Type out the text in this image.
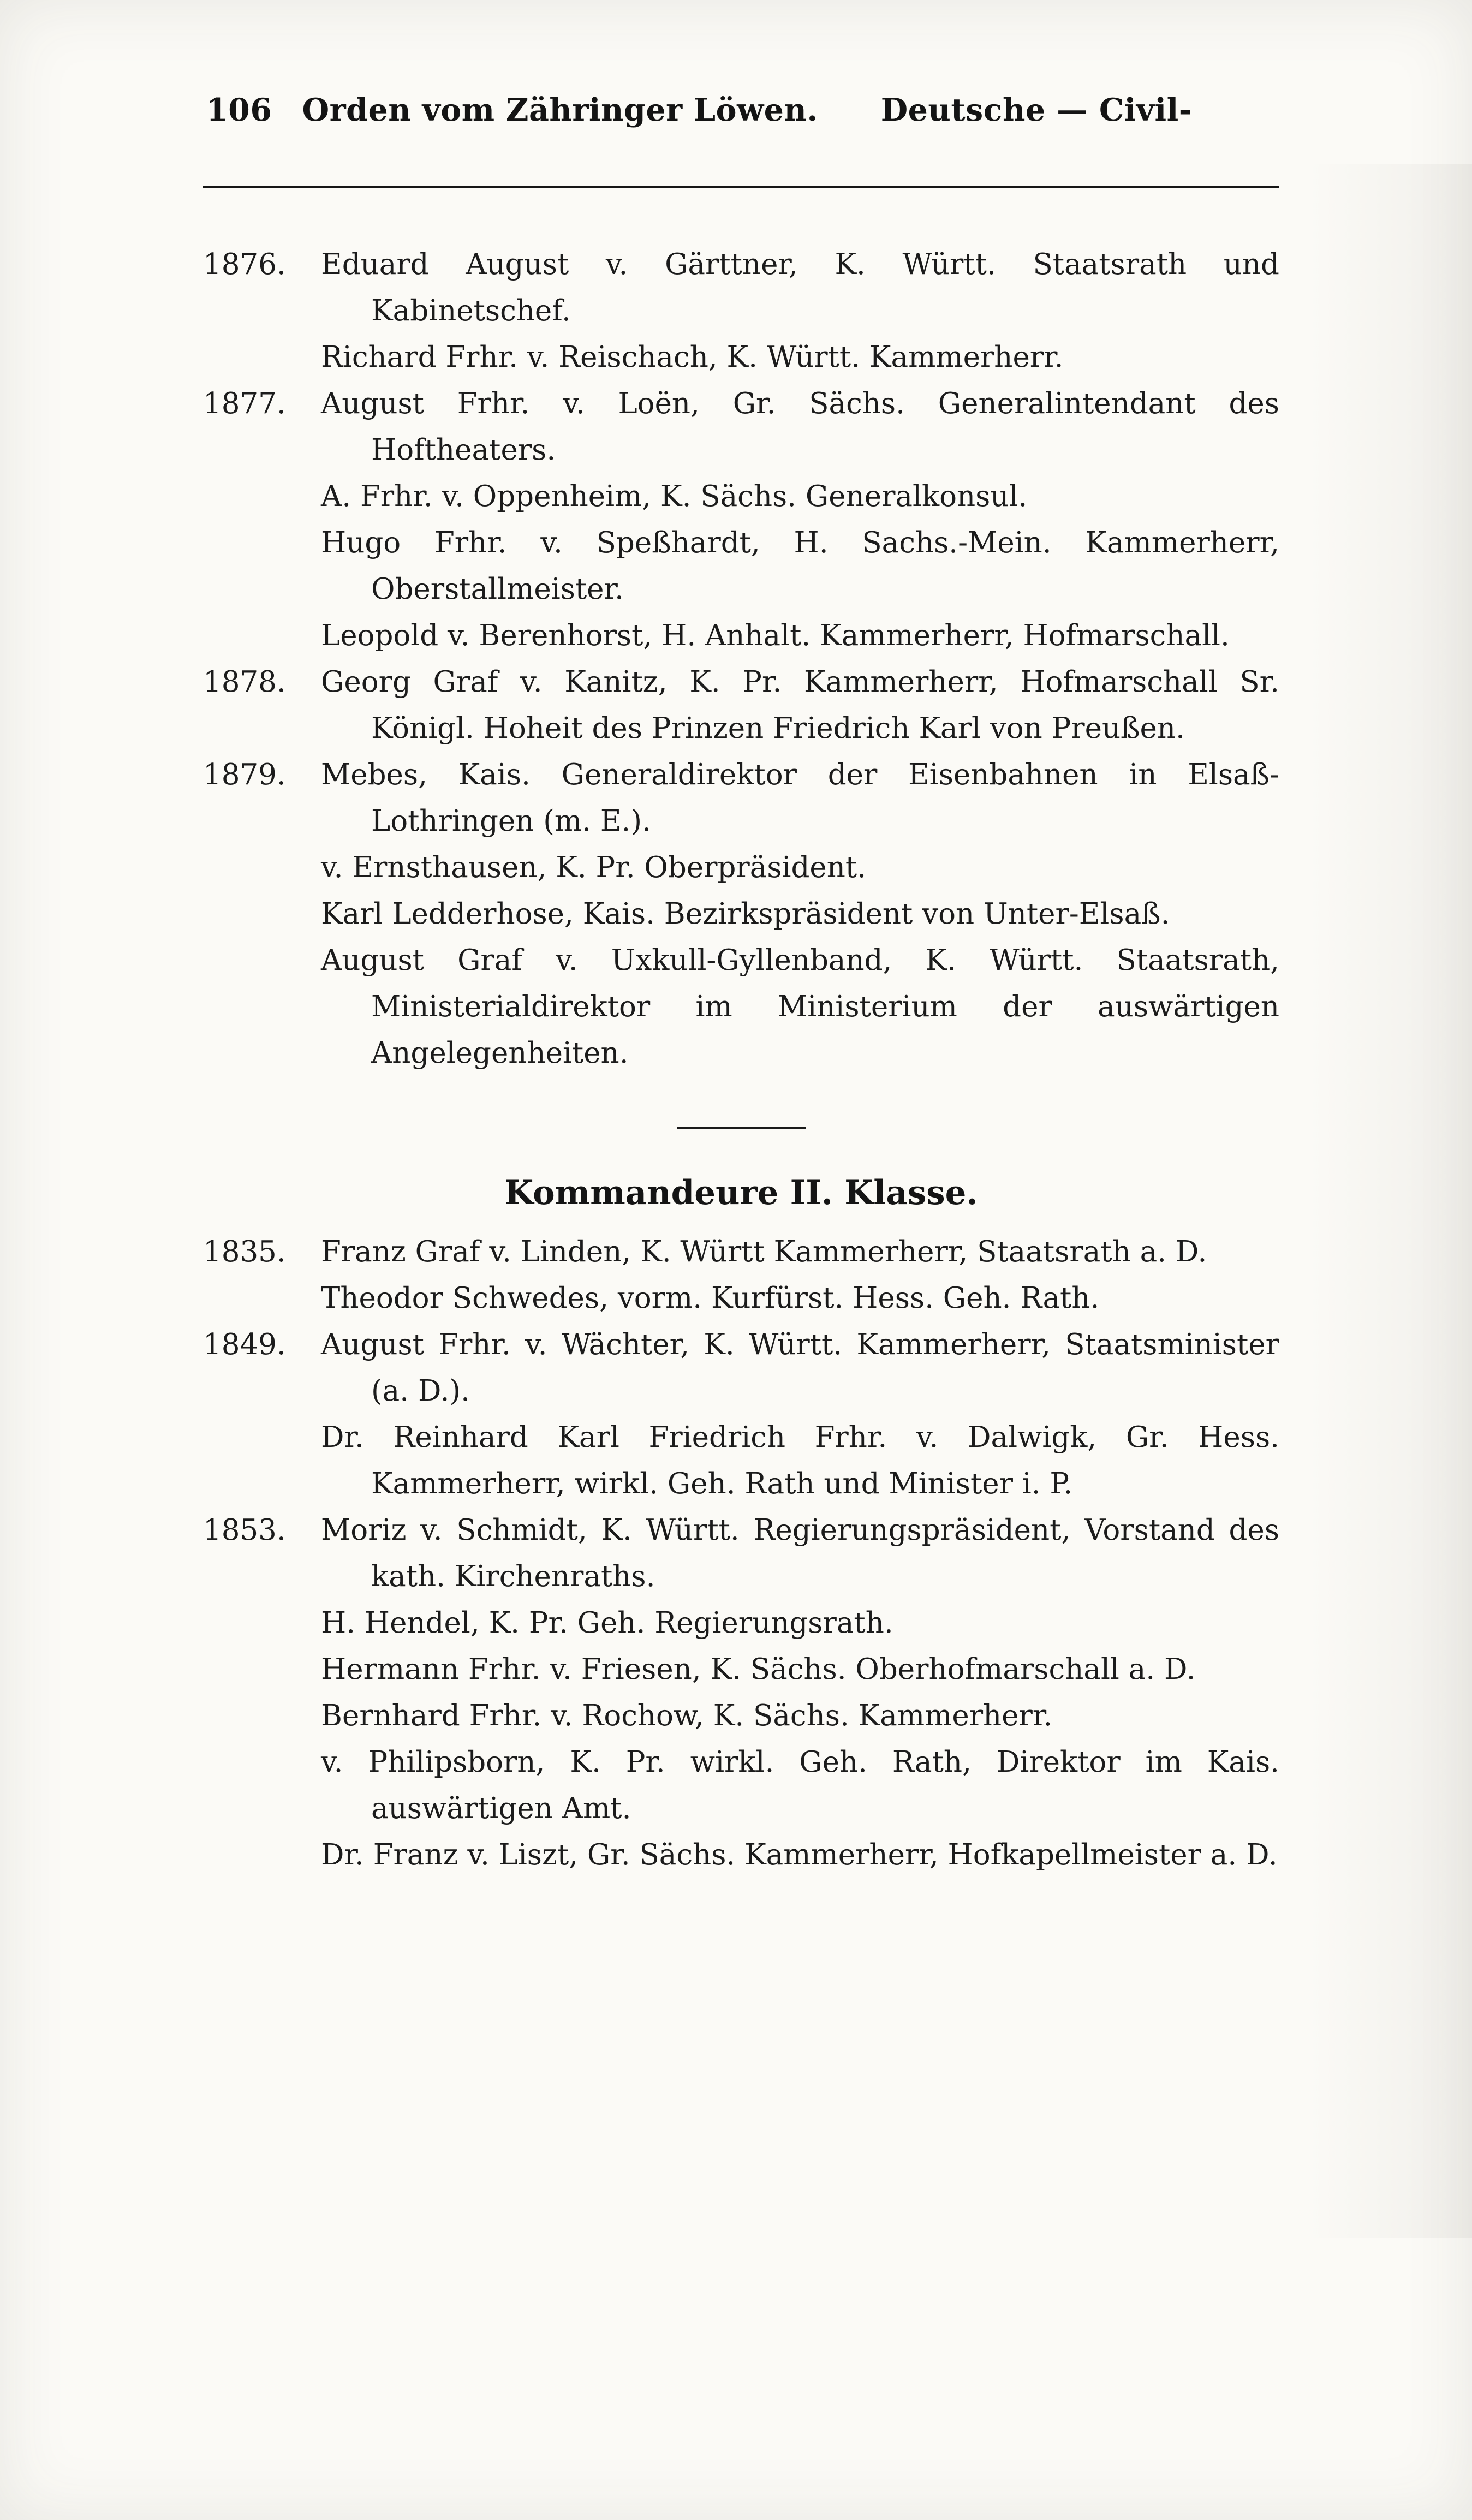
106 Orden vom Zähringer Löwen. Deutsche — Civil-

1876. Eduard August v. Gärttner, K. Württ. Staatsrath und Kabinetschef.

Richard Frhr. v. Reischach, K. Württ. Kammerherr.

1877. August Frhr. v. Loën, Gr. Sächs. Generalintendant des Hoftheaters.

A. Frhr. v. Oppenheim, K. Sächs. Generalkonsul.

Hugo Frhr. v. Speßhardt, H. Sachs.-Mein. Kammerherr, Oberstallmeister.

Leopold v. Berenhorst, H. Anhalt. Kammerherr, Hofmarschall.

1878. Georg Graf v. Kanitz, K. Pr. Kammerherr, Hofmarschall Sr. Königl. Hoheit des Prinzen Friedrich Karl von Preußen.

1879. Mebes, Kais. Generaldirektor der Eisenbahnen in Elsaß-Lothringen (m. E.).

v. Ernsthausen, K. Pr. Oberpräsident.

Karl Ledderhose, Kais. Bezirkspräsident von Unter-Elsaß.

August Graf v. Uxkull-Gyllenband, K. Württ. Staatsrath, Ministerialdirektor im Ministerium der auswärtigen Angelegenheiten.

Kommandeure II. Klasse.

1835. Franz Graf v. Linden, K. Württ Kammerherr, Staatsrath a. D.

Theodor Schwedes, vorm. Kurfürst. Hess. Geh. Rath.

1849. August Frhr. v. Wächter, K. Württ. Kammerherr, Staatsminister (a. D.).

Dr. Reinhard Karl Friedrich Frhr. v. Dalwigk, Gr. Hess. Kammerherr, wirkl. Geh. Rath und Minister i. P.

1853. Moriz v. Schmidt, K. Württ. Regierungspräsident, Vorstand des kath. Kirchenraths.

H. Hendel, K. Pr. Geh. Regierungsrath.

Hermann Frhr. v. Friesen, K. Sächs. Oberhofmarschall a. D.

Bernhard Frhr. v. Rochow, K. Sächs. Kammerherr.

v. Philipsborn, K. Pr. wirkl. Geh. Rath, Direktor im Kais. auswärtigen Amt.

Dr. Franz v. Liszt, Gr. Sächs. Kammerherr, Hofkapellmeister a. D.
